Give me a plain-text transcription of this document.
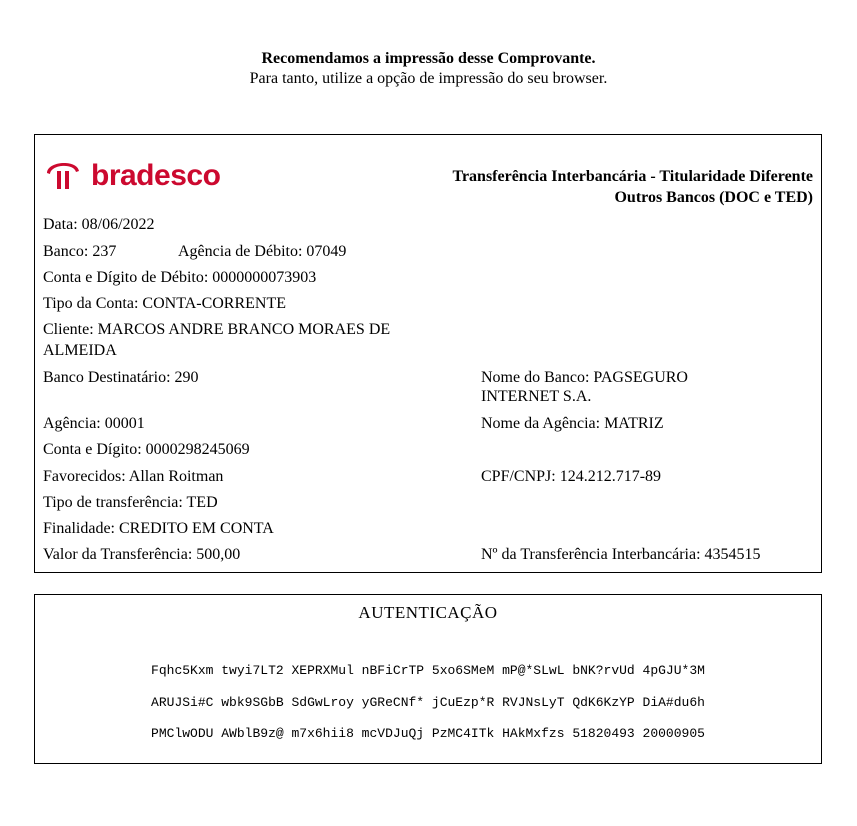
Recomendamos a impressão desse Comprovante.
Para tanto, utilize a opção de impressão do seu browser.
bradesco	Transferência Interbancária - Titularidade Diferente
Outros Bancos (DOC e TED)
Data: 08/06/2022
Banco: 237	Agência de Débito: 07049
Conta e Dígito de Débito: 0000000073903
Tipo da Conta: CONTA-CORRENTE
Cliente: MARCOS ANDRE BRANCO MORAES DE
ALMEIDA
Banco Destinatário: 290	Nome do Banco: PAGSEGURO
INTERNET S.A.
Agência: 00001	Nome da Agência: MATRIZ
Conta e Dígito: 0000298245069
Favorecidos: Allan Roitman	CPF/CNPJ: 124.212.717-89
Tipo de transferência: TED
Finalidade: CREDITO EM CONTA
Valor da Transferência: 500,00	Nº da Transferência Interbancária: 4354515
AUTENTICAÇÃO
Fqhc5Kxm twyi7LT2 XEPRXMul nBFiCrTP 5xo6SMeM mP@*SLwL bNK?rvUd 4pGJU*3M
ARUJSi#C wbk9SGbB SdGwLroy yGReCNf* jCuEzp*R RVJNsLyT QdK6KzYP DiA#du6h
PMClwODU AWblB9z@ m7x6hii8 mcVDJuQj PzMC4ITk HAkMxfzs 51820493 20000905
